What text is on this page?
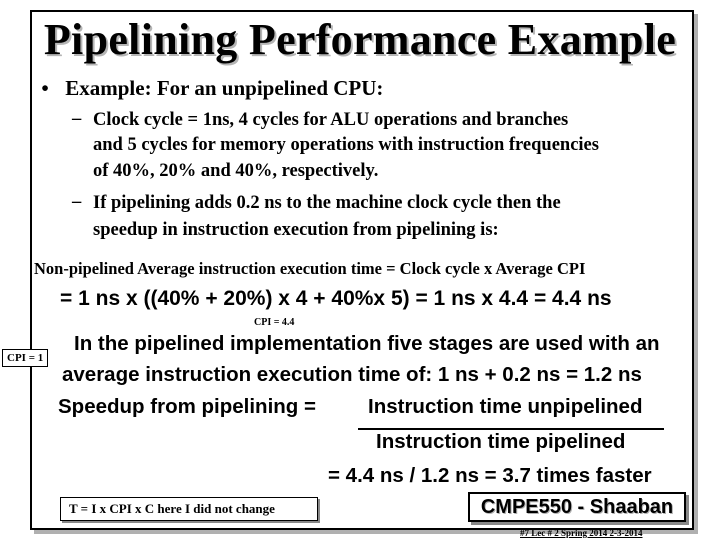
Pipelining Performance Example
• Example: For an unpipelined CPU:
– Clock cycle = 1ns, 4 cycles for ALU operations and branches
and 5 cycles for memory operations with instruction frequencies
of 40%, 20% and 40%, respectively.
– If pipelining adds 0.2 ns to the machine clock cycle then the
speedup in instruction execution from pipelining is:
Non-pipelined Average instruction execution time = Clock cycle x Average CPI
= 1 ns x ((40% + 20%) x 4 + 40%x 5) = 1 ns x 4.4 = 4.4 ns
CPI = 4.4
CPI = 1
In the pipelined implementation five stages are used with an
average instruction execution time of: 1 ns + 0.2 ns = 1.2 ns
Speedup from pipelining =	Instruction time unpipelined
Instruction time pipelined
= 4.4 ns / 1.2 ns = 3.7 times faster
T = I x CPI x C here I did not change	CMPE550 - Shaaban
#7 Lec # 2 Spring 2014 2-3-2014
